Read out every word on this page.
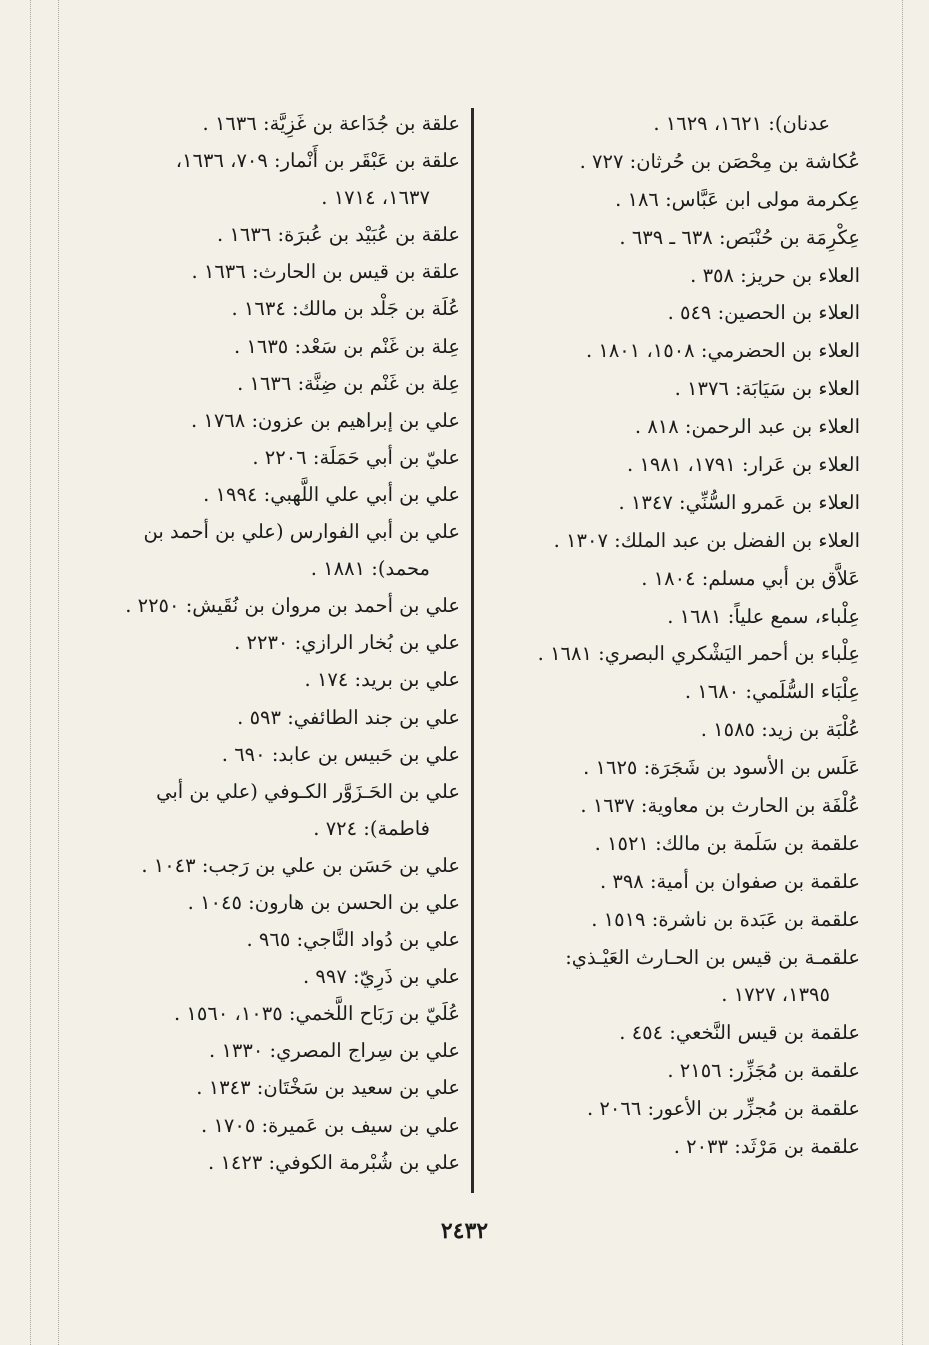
عدنان): ١٦٢١، ١٦٢٩ .
عُكاشة بن مِحْصَن بن حُرثان: ٧٢٧ .
عِكرمة مولى ابن عَبَّاس: ١٨٦ .
عِكْرِمَة بن حُنْبَص: ٦٣٨ ـ ٦٣٩ .
العلاء بن حريز: ٣٥٨ .
العلاء بن الحصين: ٥٤٩ .
العلاء بن الحضرمي: ١٥٠٨، ١٨٠١ .
العلاء بن سَيَابَة: ١٣٧٦ .
العلاء بن عبد الرحمن: ٨١٨ .
العلاء بن عَرار: ١٧٩١، ١٩٨١ .
العلاء بن عَمرو السُّنِّي: ١٣٤٧ .
العلاء بن الفضل بن عبد الملك: ١٣٠٧ .
عَلاَّق بن أبي مسلم: ١٨٠٤ .
عِلْباء، سمع علياً: ١٦٨١ .
عِلْباء بن أحمر اليَشْكري البصري: ١٦٨١ .
عِلْبَاء السُّلَمي: ١٦٨٠ .
عُلْبَة بن زيد: ١٥٨٥ .
عَلَس بن الأسود بن شَجَرَة: ١٦٢٥ .
عُلْفَة بن الحارث بن معاوية: ١٦٣٧ .
علقمة بن سَلَمة بن مالك: ١٥٢١ .
علقمة بن صفوان بن أمية: ٣٩٨ .
علقمة بن عَبَدة بن ناشرة: ١٥١٩ .
علقمـة بن قيس بن الحـارث العَيْـذي:
١٣٩٥، ١٧٢٧ .
علقمة بن قيس النَّخعي: ٤٥٤ .
علقمة بن مُجَزِّر: ٢١٥٦ .
علقمة بن مُجزِّر بن الأعور: ٢٠٦٦ .
علقمة بن مَرْثَد: ٢٠٣٣ .
علقة بن جُدَاعة بن غَزِيَّة: ١٦٣٦ .
علقة بن عَبْقَر بن أَنْمار: ٧٠٩، ١٦٣٦،
١٦٣٧، ١٧١٤ .
علقة بن عُبَيْد بن عُبرَة: ١٦٣٦ .
علقة بن قيس بن الحارث: ١٦٣٦ .
عُلَة بن جَلْد بن مالك: ١٦٣٤ .
عِلة بن غَنْم بن سَعْد: ١٦٣٥ .
عِلة بن غَنْم بن ضِنَّة: ١٦٣٦ .
علي بن إبراهيم بن عزون: ١٧٦٨ .
عليّ بن أبي حَمَلَة: ٢٢٠٦ .
علي بن أبي علي اللَّهبي: ١٩٩٤ .
علي بن أبي الفوارس (علي بن أحمد بن
محمد): ١٨٨١ .
علي بن أحمد بن مروان بن نُقَيش: ٢٢٥٠ .
علي بن بُخار الرازي: ٢٢٣٠ .
علي بن بريد: ١٧٤ .
علي بن جند الطائفي: ٥٩٣ .
علي بن حَبيس بن عابد: ٦٩٠ .
علي بن الحَـزَوَّر الكـوفي (علي بن أبي
فاطمة): ٧٢٤ .
علي بن حَسَن بن علي بن رَجب: ١٠٤٣ .
علي بن الحسن بن هارون: ١٠٤٥ .
علي بن دُواد النَّاجي: ٩٦٥ .
علي بن ذَرِيّ: ٩٩٧ .
عُلَيّ بن رَبَاح اللَّخمي: ١٠٣٥، ١٥٦٠ .
علي بن سِراج المصري: ١٣٣٠ .
علي بن سعيد بن سَخْتَان: ١٣٤٣ .
علي بن سيف بن عَميرة: ١٧٠٥ .
علي بن شُبْرمة الكوفي: ١٤٢٣ .
٢٤٣٢
